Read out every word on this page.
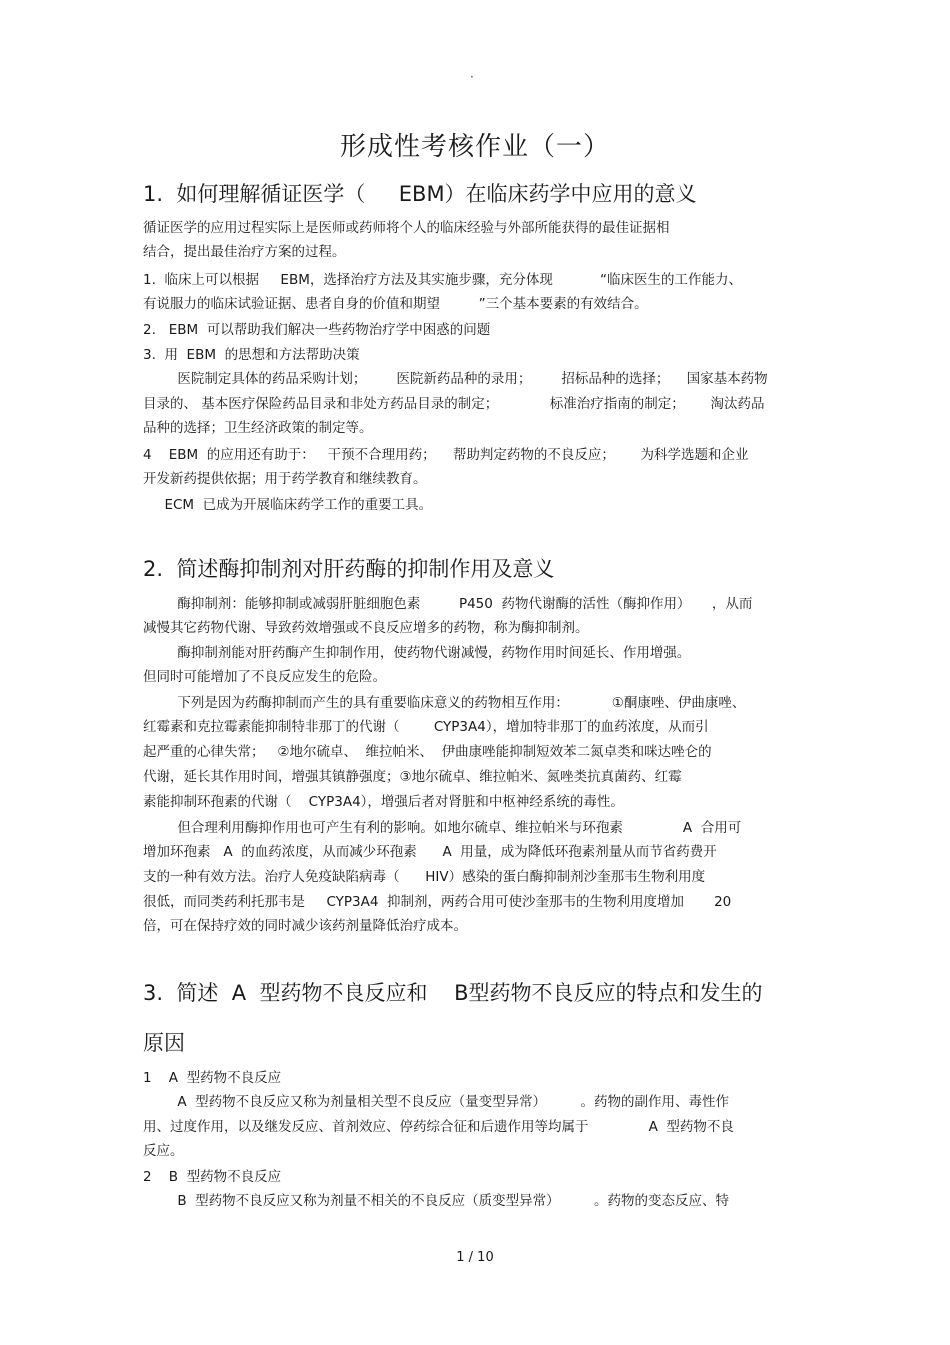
·
形成性考核作业（一）
1.  如何理解循证医学（     EBM）在临床药学中应用的意义
循证医学的应用过程实际上是医师或药师将个人的临床经验与外部所能获得的最佳证据相
结合，提出最佳治疗方案的过程。
1.  临床上可以根据     EBM，选择治疗方法及其实施步骤，充分体现           “临床医生的工作能力、
有说服力的临床试验证据、患者自身的价值和期望         ”三个基本要素的有效结合。
2.   EBM  可以帮助我们解决一些药物治疗学中困惑的问题
3.  用  EBM  的思想和方法帮助决策
医院制定具体的药品采购计划；       医院新药品种的录用；       招标品种的选择；    国家基本药物
目录的、 基本医疗保险药品目录和非处方药品目录的制定；            标准治疗指南的制定；      淘汰药品
品种的选择；卫生经济政策的制定等。
4    EBM  的应用还有助于：   干预不合理用药；    帮助判定药物的不良反应；      为科学选题和企业
开发新药提供依据；用于药学教育和继续教育。
ECM  已成为开展临床药学工作的重要工具。
2.  简述酶抑制剂对肝药酶的抑制作用及意义
酶抑制剂：能够抑制或减弱肝脏细胞色素         P450  药物代谢酶的活性（酶抑作用）     ，从而
减慢其它药物代谢、导致药效增强或不良反应增多的药物，称为酶抑制剂。
酶抑制剂能对肝药酶产生抑制作用，使药物代谢减慢，药物作用时间延长、作用增强。
但同时可能增加了不良反应发生的危险。
下列是因为药酶抑制而产生的具有重要临床意义的药物相互作用：          ①酮康唑、伊曲康唑、
红霉素和克拉霉素能抑制特非那丁的代谢（        CYP3A4），增加特非那丁的血药浓度，从而引
起严重的心律失常；   ②地尔硫卓、  维拉帕米、  伊曲康唑能抑制短效苯二氮卓类和咪达唑仑的
代谢，延长其作用时间，增强其镇静强度；③地尔硫卓、维拉帕米、氮唑类抗真菌药、红霉
素能抑制环孢素的代谢（    CYP3A4），增强后者对肾脏和中枢神经系统的毒性。
但合理利用酶抑作用也可产生有利的影响。如地尔硫卓、维拉帕米与环孢素              A  合用可
增加环孢素   A  的血药浓度，从而减少环孢素      A  用量，成为降低环孢素剂量从而节省药费开
支的一种有效方法。治疗人免疫缺陷病毒（      HIV）感染的蛋白酶抑制剂沙奎那韦生物利用度
很低，而同类药利托那韦是     CYP3A4  抑制剂，两药合用可使沙奎那韦的生物利用度增加       20
倍，可在保持疗效的同时减少该药剂量降低治疗成本。
3.  简述  A  型药物不良反应和    B型药物不良反应的特点和发生的
原因
1    A  型药物不良反应
A  型药物不良反应又称为剂量相关型不良反应（量变型异常）        。药物的副作用、毒性作
用、过度作用，以及继发反应、首剂效应、停药综合征和后遗作用等均属于              A  型药物不良
反应。
2    B  型药物不良反应
B  型药物不良反应又称为剂量不相关的不良反应（质变型异常）        。药物的变态反应、特
1 / 10
